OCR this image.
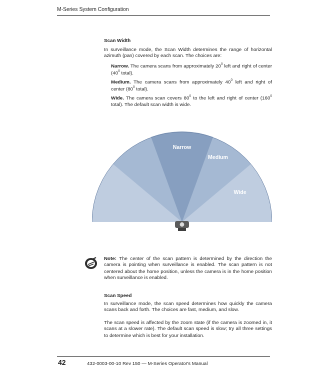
M-Series System Configuration
Scan Width
In surveillance mode, the Scan Width determines the range of horizontal azimuth (pan) covered by each scan. The choices are:

Narrow. The camera scans from approximately $20^0$ left and right of center ($40^0$ total).

Medium. The camera scans from approximately $40^0$ left and right of center ($80^0$ total).

Wide. The camera scan covers $80^0$ to the left and right of center ($160^0$ total). The default scan width is wide.

Narrow
Medium
Wide
Note: The center of the scan pattern is determined by the direction the camera is pointing when surveillance is enabled. The scan pattern is not centered about the home position, unless the camera is in the home position when surveillance is enabled.
Scan Speed
In surveillance mode, the scan speed determines how quickly the camera scans back and forth. The choices are fast, medium, and slow.
The scan speed is affected by the zoom state (if the camera is zoomed in, it scans at a slower rate). The default scan speed is slow; try all three settings to determine which is best for your installation.
42	432-0003-00-10 Rev 150 — M-Series Operator's Manual
